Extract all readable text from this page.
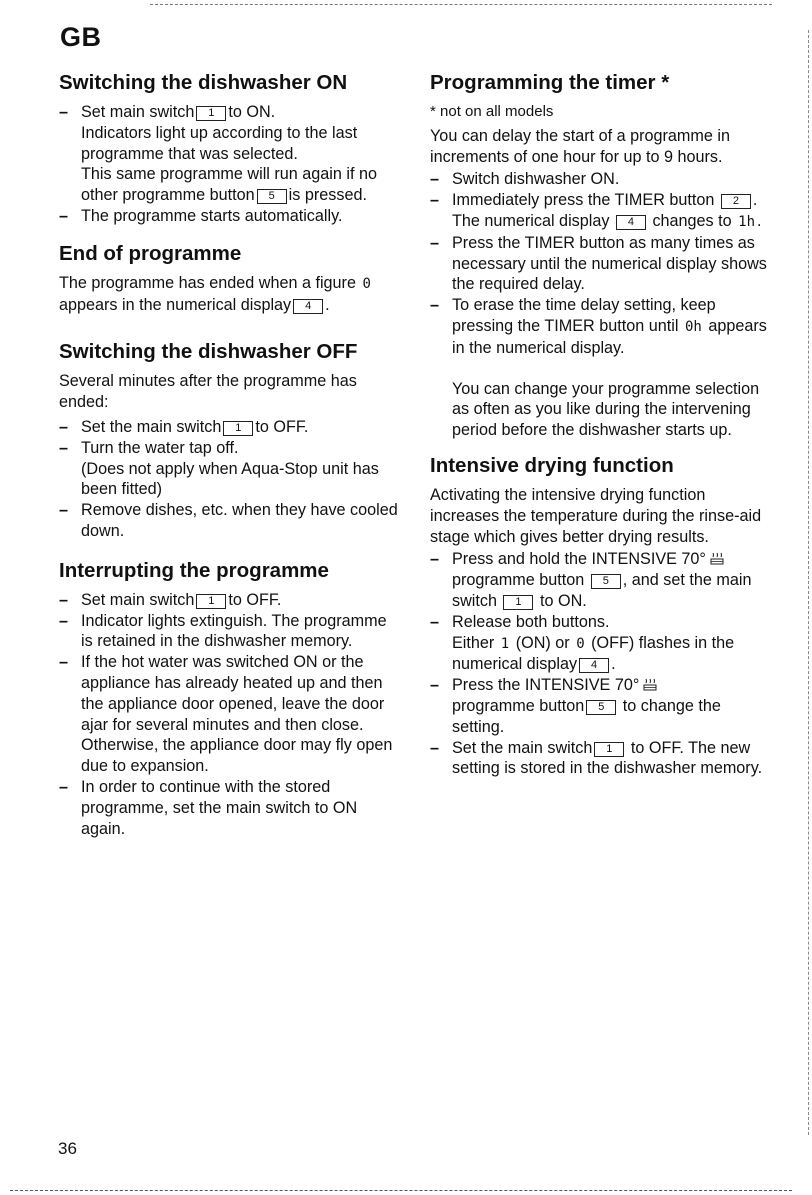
GB
Switching the dishwasher ON
– Set main switch 1 to ON.
Indicators light up according to the last programme that was selected.
This same programme will run again if no other programme button 5 is pressed.
– The programme starts automatically.
End of programme

The programme has ended when a figure 0 appears in the numerical display 4 .

Switching the dishwasher OFF

Several minutes after the programme has ended:

– Set the main switch 1 to OFF.
– Turn the water tap off.
(Does not apply when Aqua-Stop unit has been fitted)
– Remove dishes, etc. when they have cooled down.
Interrupting the programme
– Set main switch 1 to OFF.
– Indicator lights extinguish. The programme is retained in the dishwasher memory.
– If the hot water was switched ON or the appliance has already heated up and then the appliance door opened, leave the door ajar for several minutes and then close.
Otherwise, the appliance door may fly open due to expansion.
– In order to continue with the stored programme, set the main switch to ON again.
Programming the timer *

* not on all models

You can delay the start of a programme in increments of one hour for up to 9 hours.

– Switch dishwasher ON.
– Immediately press the TIMER button 2 . The numerical display 4 changes to 1h .
– Press the TIMER button as many times as necessary until the numerical display shows the required delay.
– To erase the time delay setting, keep pressing the TIMER button until 0h appears in the numerical display.

You can change your programme selection as often as you like during the intervening period before the dishwasher starts up.

Intensive drying function

Activating the intensive drying function increases the temperature during the rinse-aid stage which gives better drying results.

– Press and hold the INTENSIVE 70°
programme button 5 , and set the main switch 1 to ON.
– Release both buttons.
Either 1 (ON) or 0 (OFF) flashes in the numerical display 4 .
– Press the INTENSIVE 70°
programme button 5 to change the setting.
– Set the main switch 1 to OFF. The new setting is stored in the dishwasher memory.
36
